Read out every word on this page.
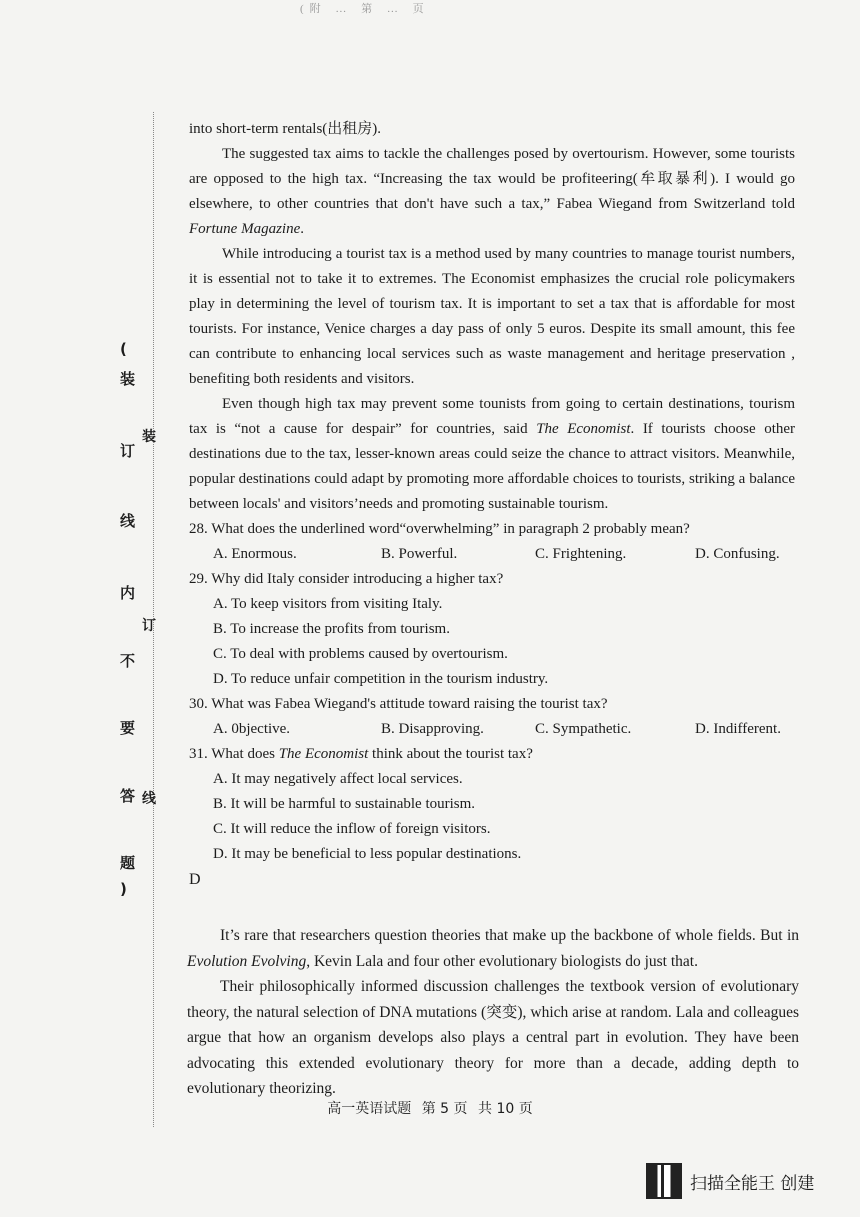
(附 … 第 … 页
(
装
订
线
内
不
要
答
题
)
装
订
线

into short-term rentals(出租房).

The suggested tax aims to tackle the challenges posed by overtourism. However, some tourists are opposed to the high tax. “Increasing the tax would be profiteering(牟取暴利). I would go elsewhere, to other countries that don't have such a tax,” Fabea Wiegand from Switzerland told Fortune Magazine.

While introducing a tourist tax is a method used by many countries to manage tourist numbers, it is essential not to take it to extremes. The Economist emphasizes the crucial role policymakers play in determining the level of tourism tax. It is important to set a tax that is affordable for most tourists. For instance, Venice charges a day pass of only 5 euros. Despite its small amount, this fee can contribute to enhancing local services such as waste management and heritage preservation , benefiting both residents and visitors.

Even though high tax may prevent some tounists from going to certain destinations, tourism tax is “not a cause for despair” for countries, said The Economist. If tourists choose other destinations due to the tax, lesser-known areas could seize the chance to attract visitors. Meanwhile, popular destinations could adapt by promoting more affordable choices to tourists, striking a balance between locals' and visitors’needs and promoting sustainable tourism.

28. What does the underlined word“overwhelming” in paragraph 2 probably mean?

A. Enormous.	B. Powerful.	C. Frightening.	D. Confusing.

29. Why did Italy consider introducing a higher tax?

A. To keep visitors from visiting Italy.

B. To increase the profits from tourism.

C. To deal with problems caused by overtourism.

D. To reduce unfair competition in the tourism industry.

30. What was Fabea Wiegand's attitude toward raising the tourist tax?

A. 0bjective.	B. Disapproving.	C. Sympathetic.	D. Indifferent.

31. What does The Economist think about the tourist tax?

A. It may negatively affect local services.

B. It will be harmful to sustainable tourism.

C. It will reduce the inflow of foreign visitors.

D. It may be beneficial to less popular destinations.

D

It’s rare that researchers question theories that make up the backbone of whole fields. But in Evolution Evolving, Kevin Lala and four other evolutionary biologists do just that.

Their philosophically informed discussion challenges the textbook version of evolutionary theory, the natural selection of DNA mutations (突变), which arise at random. Lala and colleagues argue that how an organism develops also plays a central part in evolution. They have been advocating this extended evolutionary theory for more than a decade, adding depth to evolutionary theorizing.

高一英语试题 第 5 页 共 10 页
扫描全能王 创建
